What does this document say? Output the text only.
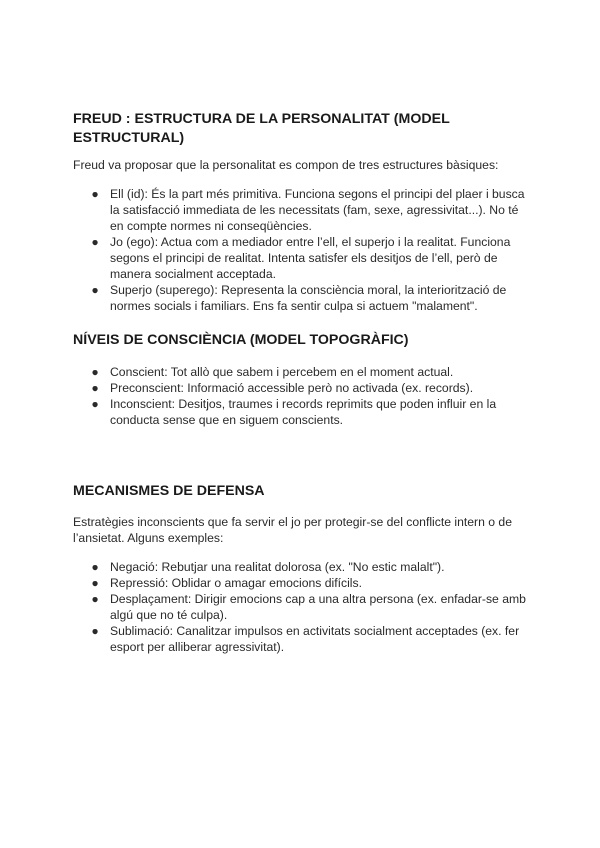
FREUD : ESTRUCTURA DE LA PERSONALITAT (MODEL ESTRUCTURAL)

Freud va proposar que la personalitat es compon de tres estructures bàsiques:

● Ell (id): És la part més primitiva. Funciona segons el principi del plaer i busca la satisfacció immediata de les necessitats (fam, sexe, agressivitat...). No té en compte normes ni conseqüències.
● Jo (ego): Actua com a mediador entre l’ell, el superjo i la realitat. Funciona segons el principi de realitat. Intenta satisfer els desitjos de l’ell, però de manera socialment acceptada.
● Superjo (superego): Representa la consciència moral, la interiorització de normes socials i familiars. Ens fa sentir culpa si actuem "malament".
NÍVEIS DE CONSCIÈNCIA (MODEL TOPOGRÀFIC)
● Conscient: Tot allò que sabem i percebem en el moment actual.
● Preconscient: Informació accessible però no activada (ex. records).
● Inconscient: Desitjos, traumes i records reprimits que poden influir en la conducta sense que en siguem conscients.
MECANISMES DE DEFENSA

Estratègies inconscients que fa servir el jo per protegir-se del conflicte intern o de l’ansietat. Alguns exemples:

● Negació: Rebutjar una realitat dolorosa (ex. "No estic malalt").
● Repressió: Oblidar o amagar emocions difícils.
● Desplaçament: Dirigir emocions cap a una altra persona (ex. enfadar-se amb algú que no té culpa).
● Sublimació: Canalitzar impulsos en activitats socialment acceptades (ex. fer esport per alliberar agressivitat).
